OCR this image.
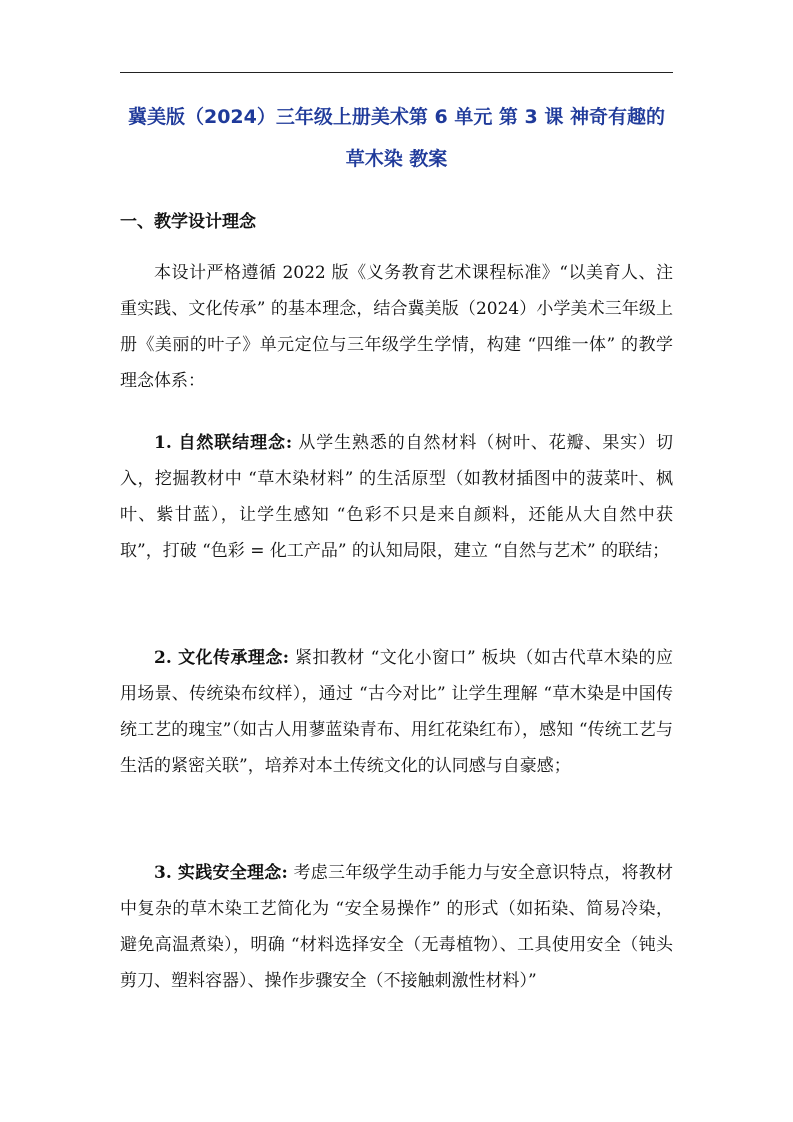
冀美版（2024）三年级上册美术第 6 单元 第 3 课 神奇有趣的草木染 教案
一、教学设计理念

本设计严格遵循 2022 版《义务教育艺术课程标准》“以美育人、注重实践、文化传承” 的基本理念，结合冀美版（2024）小学美术三年级上册《美丽的叶子》单元定位与三年级学生学情，构建 “四维一体” 的教学理念体系：

1. 自然联结理念: 从学生熟悉的自然材料（树叶、花瓣、果实）切入，挖掘教材中 “草木染材料” 的生活原型（如教材插图中的菠菜叶、枫叶、紫甘蓝），让学生感知 “色彩不只是来自颜料，还能从大自然中获取”，打破 “色彩 = 化工产品” 的认知局限，建立 “自然与艺术” 的联结；

2. 文化传承理念: 紧扣教材 “文化小窗口” 板块（如古代草木染的应用场景、传统染布纹样），通过 “古今对比” 让学生理解 “草木染是中国传统工艺的瑰宝”（如古人用蓼蓝染青布、用红花染红布），感知 “传统工艺与生活的紧密关联”，培养对本土传统文化的认同感与自豪感；

3. 实践安全理念: 考虑三年级学生动手能力与安全意识特点，将教材中复杂的草木染工艺简化为 “安全易操作” 的形式（如拓染、简易冷染，避免高温煮染），明确 “材料选择安全（无毒植物）、工具使用安全（钝头剪刀、塑料容器）、操作步骤安全（不接触刺激性材料）”
